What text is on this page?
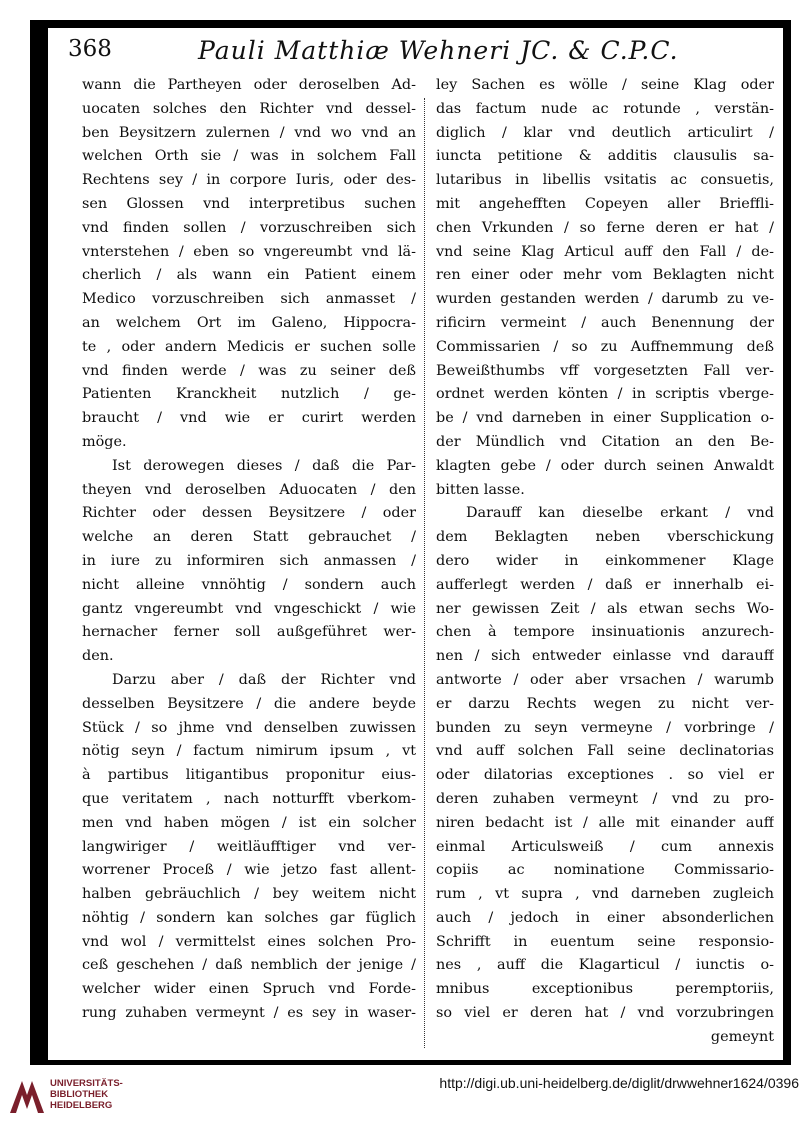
368	Pauli Matthiæ Wehneri JC. & C.P.C.
wann die Partheyen oder deroselben Ad-
uocaten solches den Richter vnd dessel-
ben Beysitzern zulernen / vnd wo vnd an
welchen Orth sie / was in solchem Fall
Rechtens sey / in corpore Iuris, oder des-
sen Glossen vnd interpretibus suchen
vnd finden sollen / vorzuschreiben sich
vnterstehen / eben so vngereumbt vnd lä-
cherlich / als wann ein Patient einem
Medico vorzuschreiben sich anmasset /
an welchem Ort im Galeno, Hippocra-
te , oder andern Medicis er suchen solle
vnd finden werde / was zu seiner deß
Patienten Kranckheit nutzlich / ge-
braucht / vnd wie er curirt werden
möge.
Ist derowegen dieses / daß die Par-
theyen vnd deroselben Aduocaten / den
Richter oder dessen Beysitzere / oder
welche an deren Statt gebrauchet /
in iure zu informiren sich anmassen /
nicht alleine vnnöhtig / sondern auch
gantz vngereumbt vnd vngeschickt / wie
hernacher ferner soll außgeführet wer-
den.
Darzu aber / daß der Richter vnd
desselben Beysitzere / die andere beyde
Stück / so jhme vnd denselben zuwissen
nötig seyn / factum nimirum ipsum , vt
à partibus litigantibus proponitur eius-
que veritatem , nach notturfft vberkom-
men vnd haben mögen / ist ein solcher
langwiriger / weitläufftiger vnd ver-
worrener Proceß / wie jetzo fast allent-
halben gebräuchlich / bey weitem nicht
nöhtig / sondern kan solches gar füglich
vnd wol / vermittelst eines solchen Pro-
ceß geschehen / daß nemblich der jenige /
welcher wider einen Spruch vnd Forde-
rung zuhaben vermeynt / es sey in waser-
ley Sachen es wölle / seine Klag oder
das factum nude ac rotunde , verstän-
diglich / klar vnd deutlich articulirt /
iuncta petitione & additis clausulis sa-
lutaribus in libellis vsitatis ac consuetis,
mit angehefften Copeyen aller Brieffli-
chen Vrkunden / so ferne deren er hat /
vnd seine Klag Articul auff den Fall / de-
ren einer oder mehr vom Beklagten nicht
wurden gestanden werden / darumb zu ve-
rificirn vermeint / auch Benennung der
Commissarien / so zu Auffnemmung deß
Beweißthumbs vff vorgesetzten Fall ver-
ordnet werden könten / in scriptis vberge-
be / vnd darneben in einer Supplication o-
der Mündlich vnd Citation an den Be-
klagten gebe / oder durch seinen Anwaldt
bitten lasse.
Darauff kan dieselbe erkant / vnd
dem Beklagten neben vberschickung
dero wider in einkommener Klage
aufferlegt werden / daß er innerhalb ei-
ner gewissen Zeit / als etwan sechs Wo-
chen à tempore insinuationis anzurech-
nen / sich entweder einlasse vnd darauff
antworte / oder aber vrsachen / warumb
er darzu Rechts wegen zu nicht ver-
bunden zu seyn vermeyne / vorbringe /
vnd auff solchen Fall seine declinatorias
oder dilatorias exceptiones . so viel er
deren zuhaben vermeynt / vnd zu pro-
niren bedacht ist / alle mit einander auff
einmal Articulsweiß / cum annexis
copiis ac nominatione Commissario-
rum , vt supra , vnd darneben zugleich
auch / jedoch in einer absonderlichen
Schrifft in euentum seine responsio-
nes , auff die Klagarticul / iunctis o-
mnibus exceptionibus peremptoriis,
so viel er deren hat / vnd vorzubringen
gemeynt
UNIVERSITÄTS-
BIBLIOTHEK
HEIDELBERG
http://digi.ub.uni-heidelberg.de/diglit/drwwehner1624/0396
